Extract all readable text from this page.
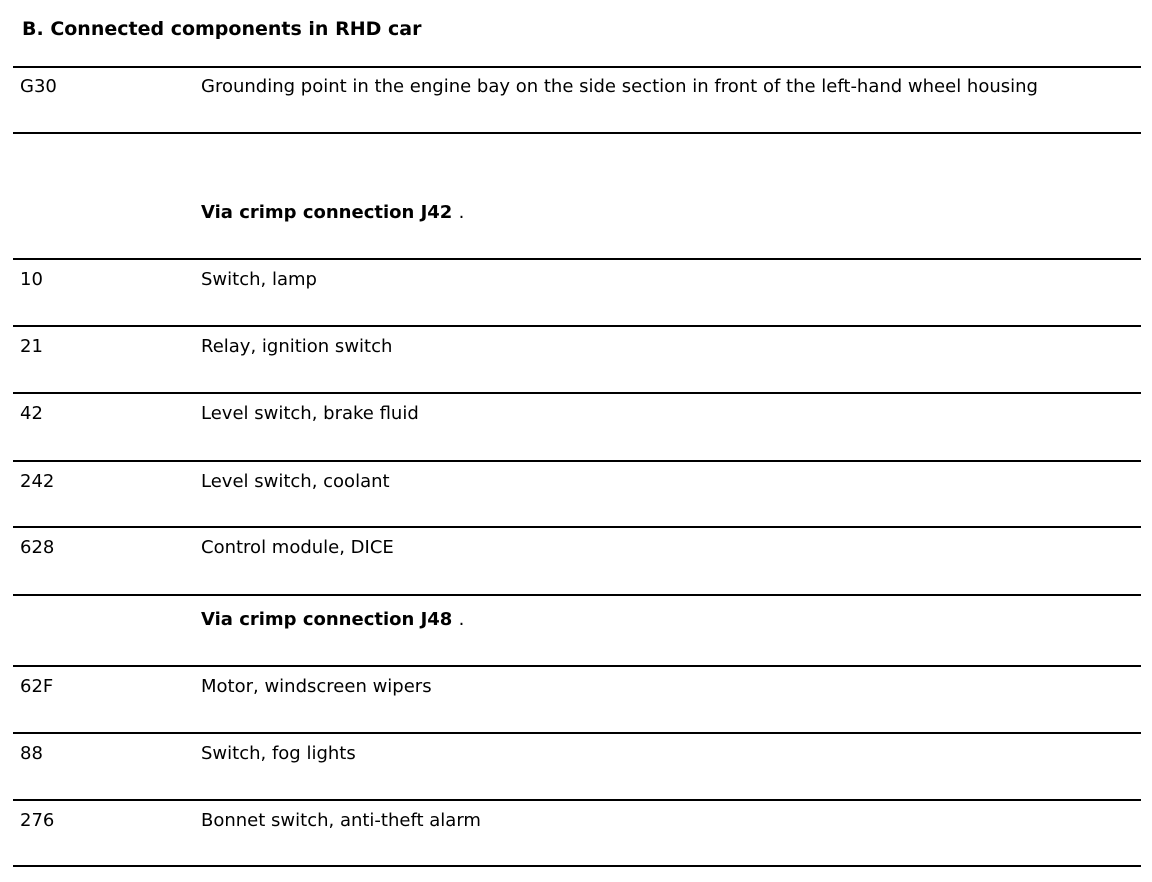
B. Connected components in RHD car
G30	Grounding point in the engine bay on the side section in front of the left-hand wheel housing
Via crimp connection J42 .
10	Switch, lamp
21	Relay, ignition switch
42	Level switch, brake fluid
242	Level switch, coolant
628	Control module, DICE
Via crimp connection J48 .
62F	Motor, windscreen wipers
88	Switch, fog lights
276	Bonnet switch, anti-theft alarm
